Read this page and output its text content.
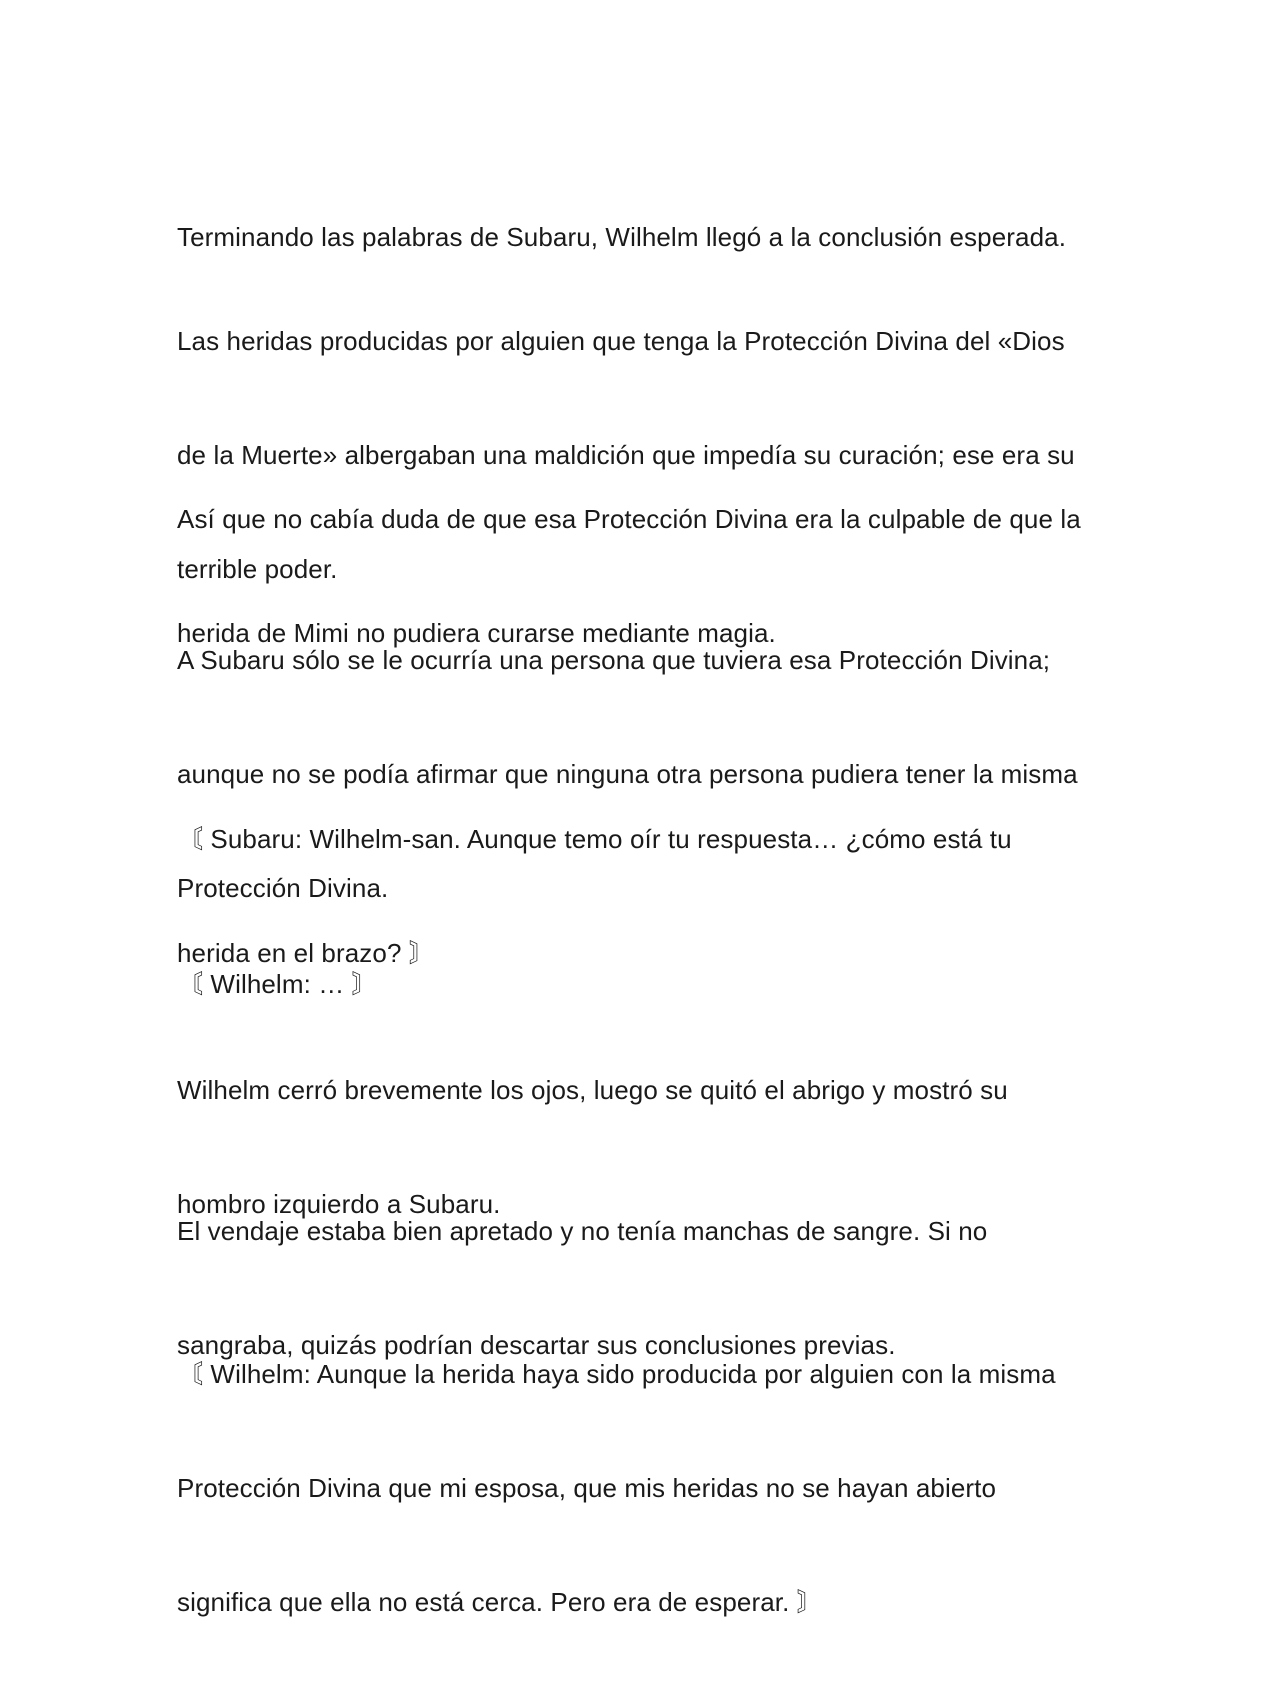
Terminando las palabras de Subaru, Wilhelm llegó a la conclusión esperada.

Las heridas producidas por alguien que tenga la Protección Divina del «Dios

de la Muerte» albergaban una maldición que impedía su curación; ese era su

terrible poder.

Así que no cabía duda de que esa Protección Divina era la culpable de que la

herida de Mimi no pudiera curarse mediante magia.

A Subaru sólo se le ocurría una persona que tuviera esa Protección Divina;

aunque no se podía afirmar que ninguna otra persona pudiera tener la misma

Protección Divina.

〘 Subaru: Wilhelm-san. Aunque temo oír tu respuesta… ¿cómo está tu

herida en el brazo? 〙

〘 Wilhelm: … 〙

Wilhelm cerró brevemente los ojos, luego se quitó el abrigo y mostró su

hombro izquierdo a Subaru.

El vendaje estaba bien apretado y no tenía manchas de sangre. Si no

sangraba, quizás podrían descartar sus conclusiones previas.

〘 Wilhelm: Aunque la herida haya sido producida por alguien con la misma

Protección Divina que mi esposa, que mis heridas no se hayan abierto

significa que ella no está cerca. Pero era de esperar. 〙
